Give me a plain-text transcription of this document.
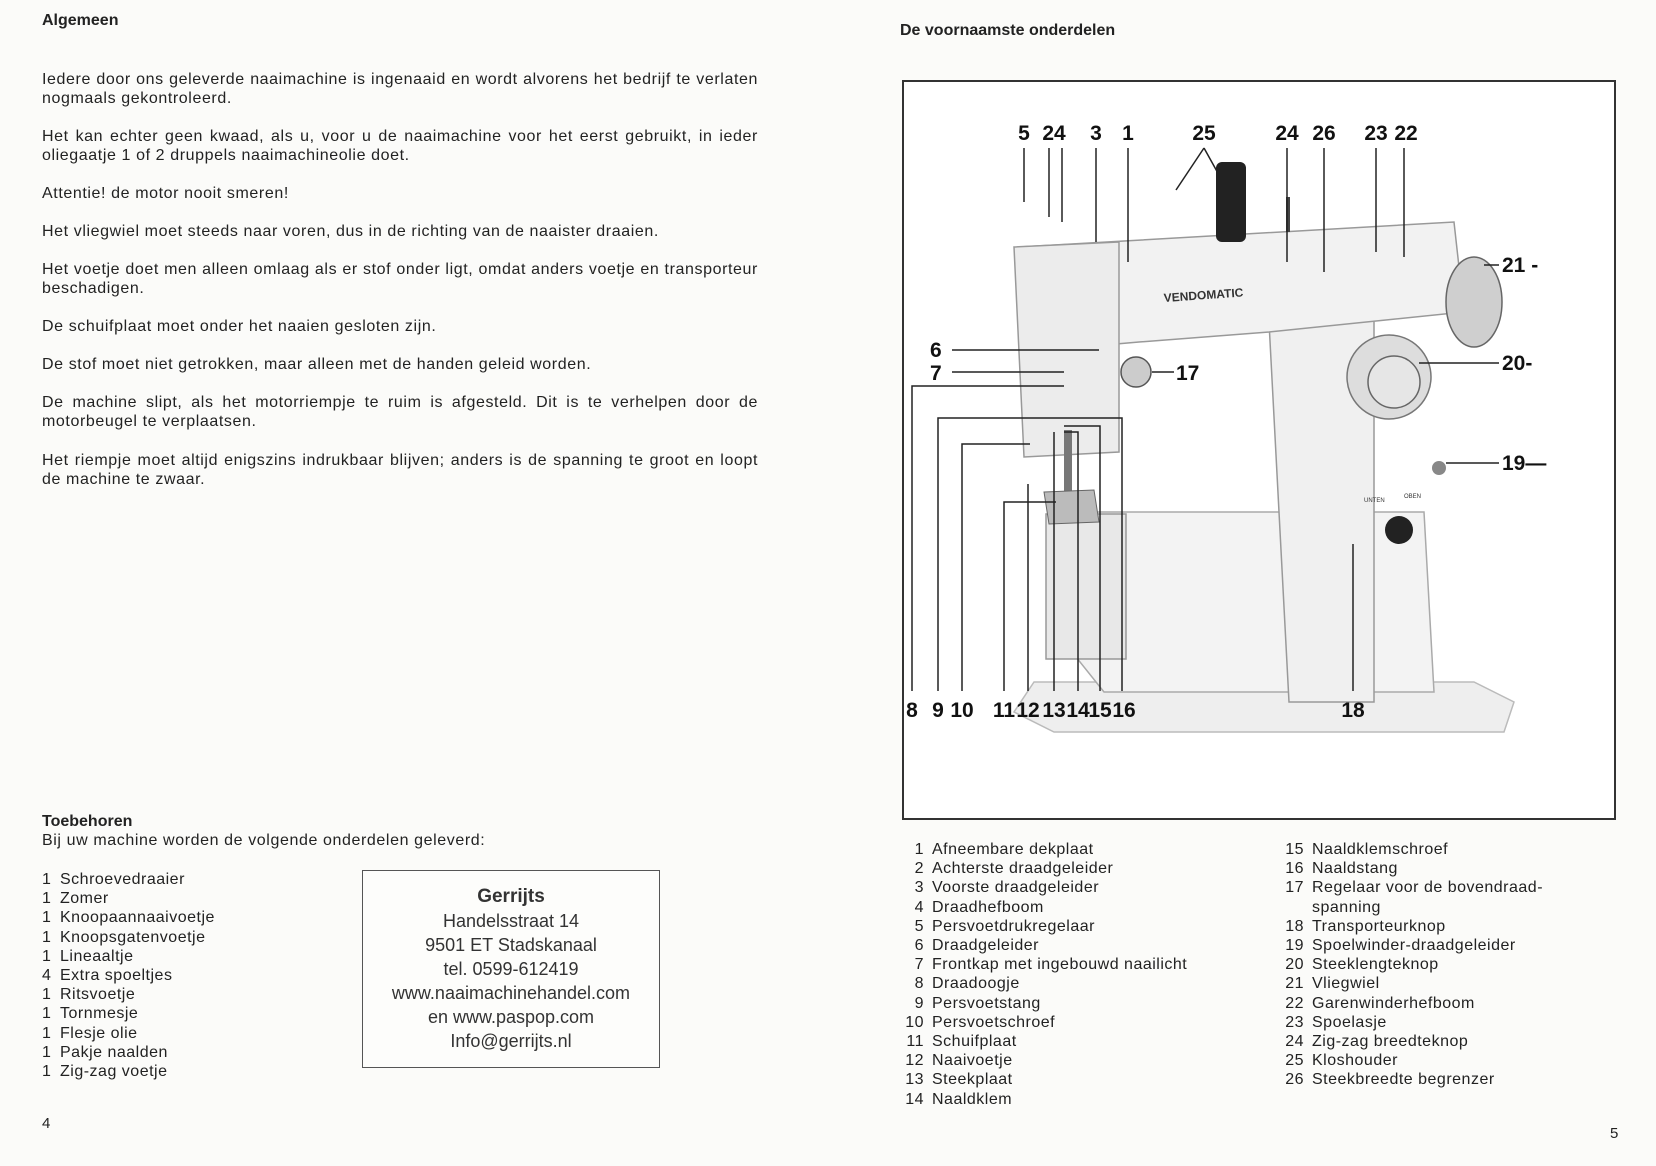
Algemeen
Iedere door ons geleverde naaimachine is ingenaaid en wordt alvorens het bedrijf te verlaten nogmaals gekontroleerd.
Het kan echter geen kwaad, als u, voor u de naaimachine voor het eerst gebruikt, in ieder oliegaatje 1 of 2 druppels naaimachineolie doet.
Attentie! de motor nooit smeren!
Het vliegwiel moet steeds naar voren, dus in de richting van de naaister draaien.
Het voetje doet men alleen omlaag als er stof onder ligt, omdat anders voetje en transporteur beschadigen.
De schuifplaat moet onder het naaien gesloten zijn.
De stof moet niet getrokken, maar alleen met de handen geleid worden.
De machine slipt, als het motorriempje te ruim is afgesteld. Dit is te verhelpen door de motorbeugel te verplaatsen.
Het riempje moet altijd enigszins indrukbaar blijven; anders is de spanning te groot en loopt de machine te zwaar.
Toebehoren
Bij uw machine worden de volgende onderdelen geleverd:
1 Schroevedraaier
1 Zomer
1 Knoopaannaaivoetje
1 Knoopsgatenvoetje
1 Lineaaltje
4 Extra spoeltjes
1 Ritsvoetje
1 Tornmesje
1 Flesje olie
1 Pakje naalden
1 Zig-zag voetje
Gerrijts
Handelsstraat 14
9501 ET Stadskanaal
tel. 0599-612419
www.naaimachinehandel.com
en www.paspop.com
Info@gerrijts.nl
4
De voornaamste onderdelen
5
VENDOMATIC
UNTEN
OBEN
5 24 3 1	25	24 26 23 22
6
7	17
21 -
20-
19—
8 9 10 11 12 13 14
15 16	18
1 Afneembare dekplaat
2 Achterste draadgeleider
3 Voorste draadgeleider
4 Draadhefboom
5 Persvoetdrukregelaar
6 Draadgeleider
7 Frontkap met ingebouwd naailicht
8 Draadoogje
9 Persvoetstang
10 Persvoetschroef
11 Schuifplaat
12 Naaivoetje
13 Steekplaat
14 Naaldklem
15 Naaldklemschroef
16 Naaldstang
17 Regelaar voor de bovendraad-
spanning
18 Transporteurknop
19 Spoelwinder-draadgeleider
20 Steeklengteknop
21 Vliegwiel
22 Garenwinderhefboom
23 Spoelasje
24 Zig-zag breedteknop
25 Kloshouder
26 Steekbreedte begrenzer
